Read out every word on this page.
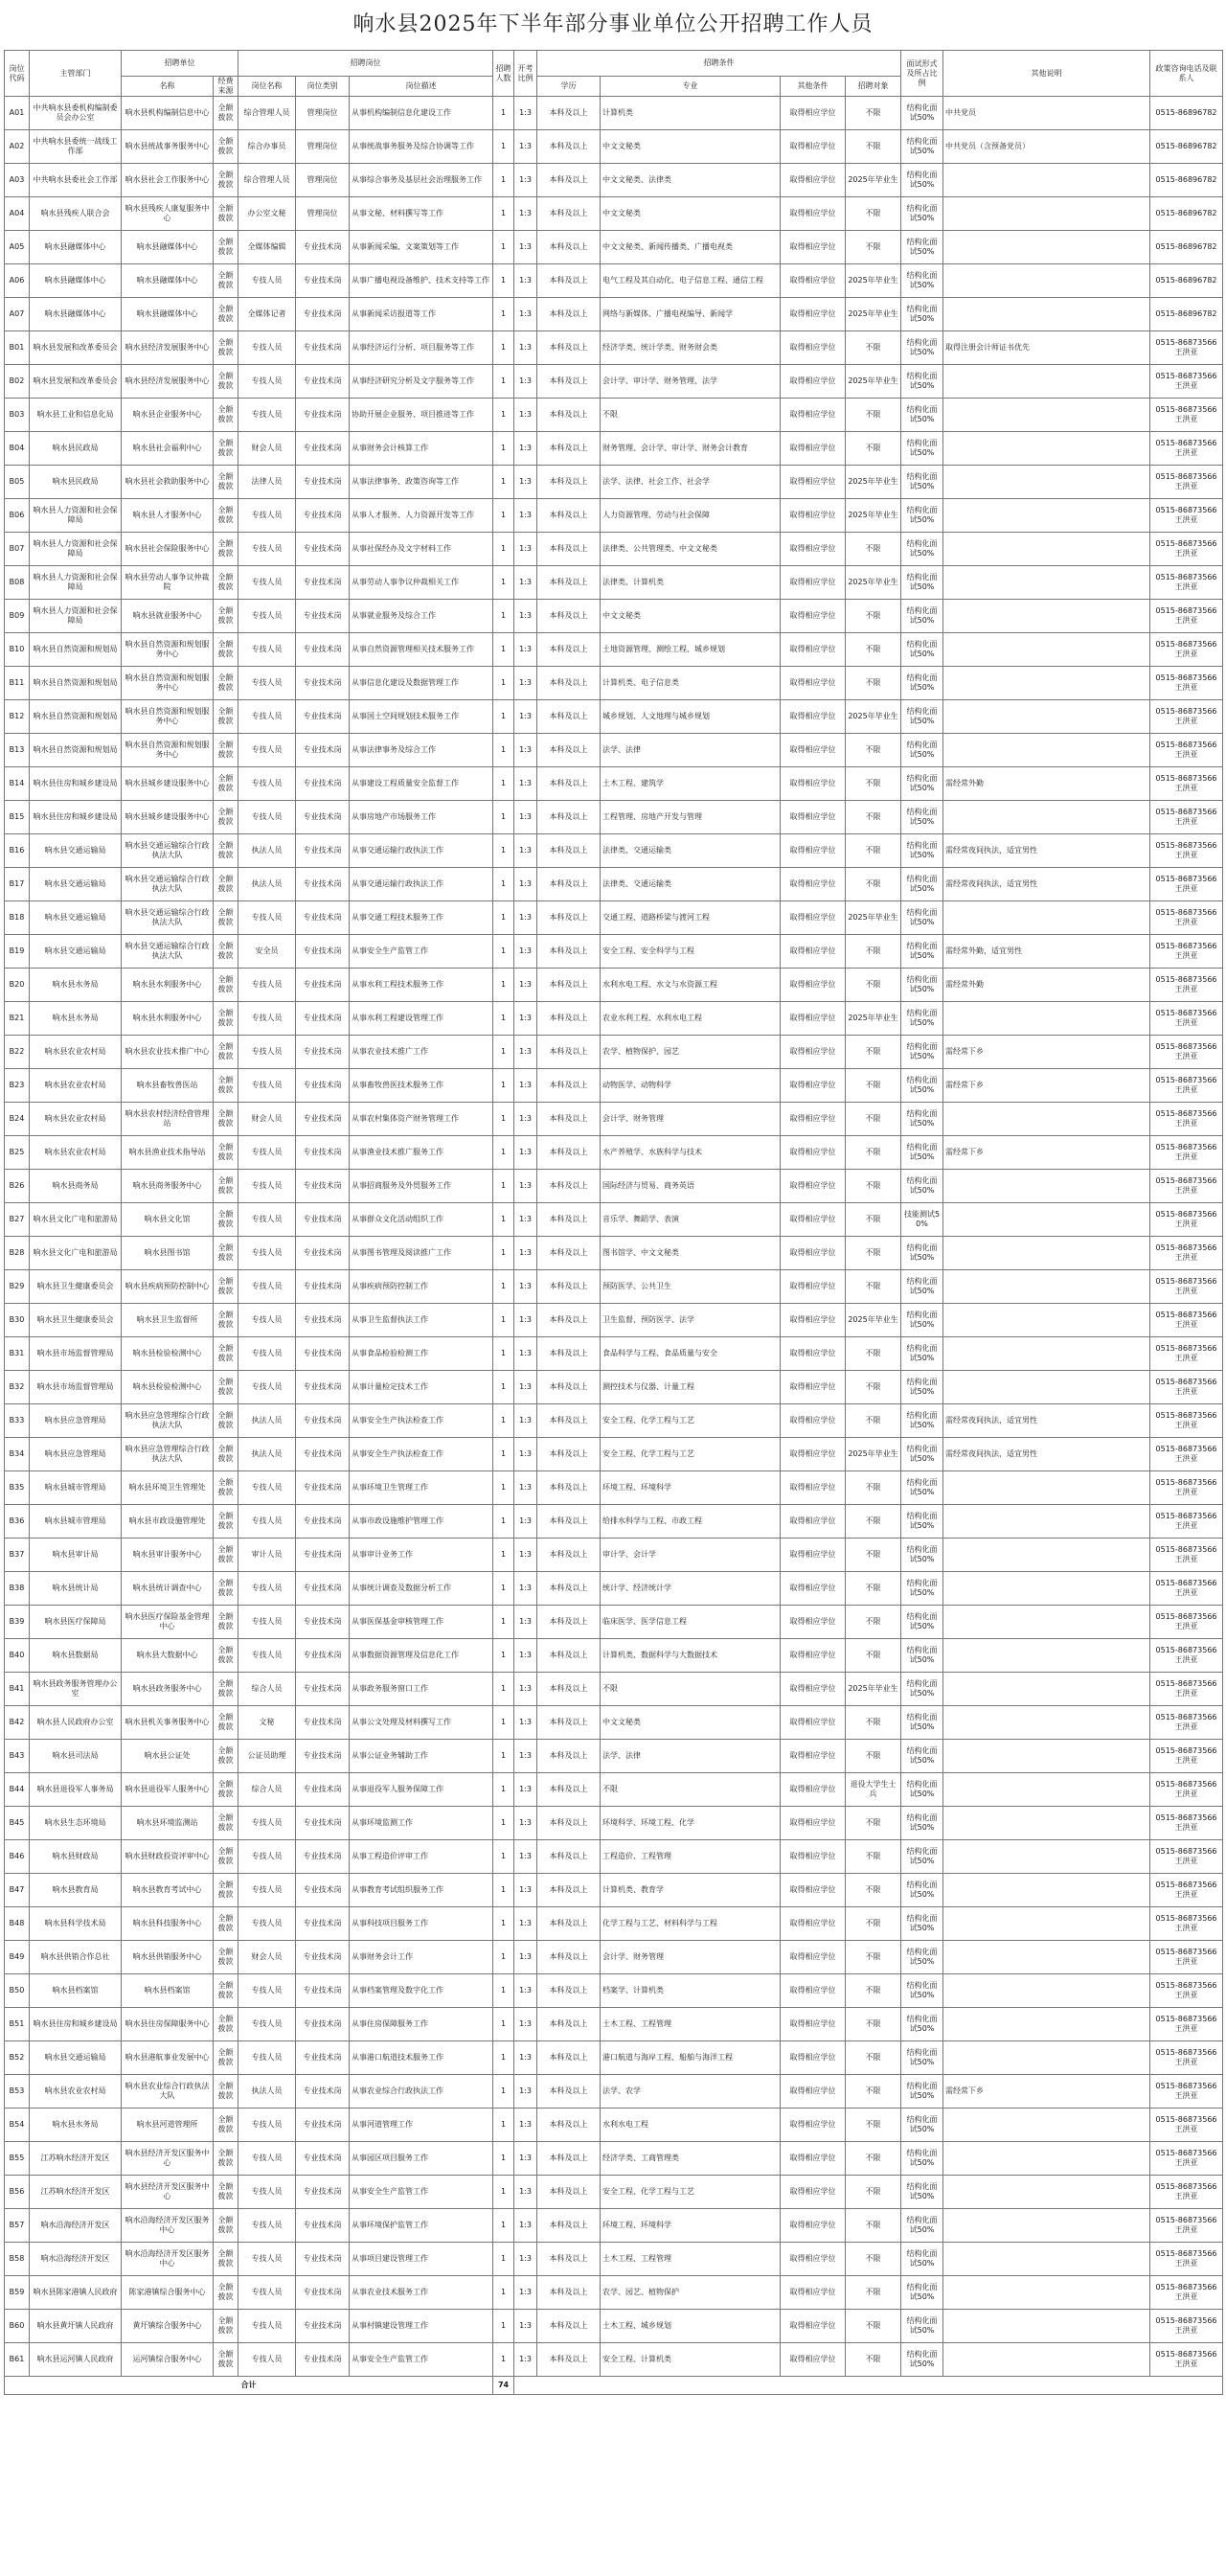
响水县2025年下半年部分事业单位公开招聘工作人员
岗位代码	主管部门	招聘单位		招聘岗位			招聘人数	开考比例	招聘条件				面试形式及所占比例	其他说明	政策咨询电话及联系人
		名称	经费来源	岗位名称	岗位类别	岗位描述			学历	专业	其他条件	招聘对象			
A01	中共响水县委机构编制委员会办公室	响水县机构编制信息中心	全额拨款	综合管理人员	管理岗位	从事机构编制信息化建设工作	1	1:3	本科及以上	计算机类	取得相应学位	不限	结构化面试50%	中共党员	0515-86896782
A02	中共响水县委统一战线工作部	响水县统战事务服务中心	全额拨款	综合办事员	管理岗位	从事统战事务服务及综合协调等工作	1	1:3	本科及以上	中文文秘类	取得相应学位	不限	结构化面试50%	中共党员（含预备党员）	0515-86896782
A03	中共响水县委社会工作部	响水县社会工作服务中心	全额拨款	综合管理人员	管理岗位	从事综合事务及基层社会治理服务工作	1	1:3	本科及以上	中文文秘类、法律类	取得相应学位	2025年毕业生	结构化面试50%		0515-86896782
A04	响水县残疾人联合会	响水县残疾人康复服务中心	全额拨款	办公室文秘	管理岗位	从事文秘、材料撰写等工作	1	1:3	本科及以上	中文文秘类	取得相应学位	不限	结构化面试50%		0515-86896782
A05	响水县融媒体中心	响水县融媒体中心	全额拨款	全媒体编辑	专业技术岗	从事新闻采编、文案策划等工作	1	1:3	本科及以上	中文文秘类、新闻传播类、广播电视类	取得相应学位	不限	结构化面试50%		0515-86896782
A06	响水县融媒体中心	响水县融媒体中心	全额拨款	专技人员	专业技术岗	从事广播电视设备维护、技术支持等工作	1	1:3	本科及以上	电气工程及其自动化、电子信息工程、通信工程	取得相应学位	2025年毕业生	结构化面试50%		0515-86896782
A07	响水县融媒体中心	响水县融媒体中心	全额拨款	全媒体记者	专业技术岗	从事新闻采访报道等工作	1	1:3	本科及以上	网络与新媒体、广播电视编导、新闻学	取得相应学位	2025年毕业生	结构化面试50%		0515-86896782
B01	响水县发展和改革委员会	响水县经济发展服务中心	全额拨款	专技人员	专业技术岗	从事经济运行分析、项目服务等工作	1	1:3	本科及以上	经济学类、统计学类、财务财会类	取得相应学位	不限	结构化面试50%	取得注册会计师证书优先	0515-86873566 王洪亚
B02	响水县发展和改革委员会	响水县经济发展服务中心	全额拨款	专技人员	专业技术岗	从事经济研究分析及文字服务等工作	1	1:3	本科及以上	会计学、审计学、财务管理、法学	取得相应学位	2025年毕业生	结构化面试50%		0515-86873566 王洪亚
B03	响水县工业和信息化局	响水县企业服务中心	全额拨款	专技人员	专业技术岗	协助开展企业服务、项目推进等工作	1	1:3	本科及以上	不限	取得相应学位	不限	结构化面试50%		0515-86873566 王洪亚
B04	响水县民政局	响水县社会福利中心	全额拨款	财会人员	专业技术岗	从事财务会计核算工作	1	1:3	本科及以上	财务管理、会计学、审计学、财务会计教育	取得相应学位	不限	结构化面试50%		0515-86873566 王洪亚
B05	响水县民政局	响水县社会救助服务中心	全额拨款	法律人员	专业技术岗	从事法律事务、政策咨询等工作	1	1:3	本科及以上	法学、法律、社会工作、社会学	取得相应学位	2025年毕业生	结构化面试50%		0515-86873566 王洪亚
B06	响水县人力资源和社会保障局	响水县人才服务中心	全额拨款	专技人员	专业技术岗	从事人才服务、人力资源开发等工作	1	1:3	本科及以上	人力资源管理、劳动与社会保障	取得相应学位	2025年毕业生	结构化面试50%		0515-86873566 王洪亚
B07	响水县人力资源和社会保障局	响水县社会保险服务中心	全额拨款	专技人员	专业技术岗	从事社保经办及文字材料工作	1	1:3	本科及以上	法律类、公共管理类、中文文秘类	取得相应学位	不限	结构化面试50%		0515-86873566 王洪亚
B08	响水县人力资源和社会保障局	响水县劳动人事争议仲裁院	全额拨款	专技人员	专业技术岗	从事劳动人事争议仲裁相关工作	1	1:3	本科及以上	法律类、计算机类	取得相应学位	2025年毕业生	结构化面试50%		0515-86873566 王洪亚
B09	响水县人力资源和社会保障局	响水县就业服务中心	全额拨款	专技人员	专业技术岗	从事就业服务及综合工作	1	1:3	本科及以上	中文文秘类	取得相应学位	不限	结构化面试50%		0515-86873566 王洪亚
B10	响水县自然资源和规划局	响水县自然资源和规划服务中心	全额拨款	专技人员	专业技术岗	从事自然资源管理相关技术服务工作	1	1:3	本科及以上	土地资源管理、测绘工程、城乡规划	取得相应学位	不限	结构化面试50%		0515-86873566 王洪亚
B11	响水县自然资源和规划局	响水县自然资源和规划服务中心	全额拨款	专技人员	专业技术岗	从事信息化建设及数据管理工作	1	1:3	本科及以上	计算机类、电子信息类	取得相应学位	不限	结构化面试50%		0515-86873566 王洪亚
B12	响水县自然资源和规划局	响水县自然资源和规划服务中心	全额拨款	专技人员	专业技术岗	从事国土空间规划技术服务工作	1	1:3	本科及以上	城乡规划、人文地理与城乡规划	取得相应学位	2025年毕业生	结构化面试50%		0515-86873566 王洪亚
B13	响水县自然资源和规划局	响水县自然资源和规划服务中心	全额拨款	专技人员	专业技术岗	从事法律事务及综合工作	1	1:3	本科及以上	法学、法律	取得相应学位	不限	结构化面试50%		0515-86873566 王洪亚
B14	响水县住房和城乡建设局	响水县城乡建设服务中心	全额拨款	专技人员	专业技术岗	从事建设工程质量安全监督工作	1	1:3	本科及以上	土木工程、建筑学	取得相应学位	不限	结构化面试50%	需经常外勤	0515-86873566 王洪亚
B15	响水县住房和城乡建设局	响水县城乡建设服务中心	全额拨款	专技人员	专业技术岗	从事房地产市场服务工作	1	1:3	本科及以上	工程管理、房地产开发与管理	取得相应学位	不限	结构化面试50%		0515-86873566 王洪亚
B16	响水县交通运输局	响水县交通运输综合行政执法大队	全额拨款	执法人员	专业技术岗	从事交通运输行政执法工作	1	1:3	本科及以上	法律类、交通运输类	取得相应学位	不限	结构化面试50%	需经常夜间执法，适宜男性	0515-86873566 王洪亚
B17	响水县交通运输局	响水县交通运输综合行政执法大队	全额拨款	执法人员	专业技术岗	从事交通运输行政执法工作	1	1:3	本科及以上	法律类、交通运输类	取得相应学位	不限	结构化面试50%	需经常夜间执法，适宜男性	0515-86873566 王洪亚
B18	响水县交通运输局	响水县交通运输综合行政执法大队	全额拨款	专技人员	专业技术岗	从事交通工程技术服务工作	1	1:3	本科及以上	交通工程、道路桥梁与渡河工程	取得相应学位	2025年毕业生	结构化面试50%		0515-86873566 王洪亚
B19	响水县交通运输局	响水县交通运输综合行政执法大队	全额拨款	安全员	专业技术岗	从事安全生产监管工作	1	1:3	本科及以上	安全工程、安全科学与工程	取得相应学位	不限	结构化面试50%	需经常外勤，适宜男性	0515-86873566 王洪亚
B20	响水县水务局	响水县水利服务中心	全额拨款	专技人员	专业技术岗	从事水利工程技术服务工作	1	1:3	本科及以上	水利水电工程、水文与水资源工程	取得相应学位	不限	结构化面试50%	需经常外勤	0515-86873566 王洪亚
B21	响水县水务局	响水县水利服务中心	全额拨款	专技人员	专业技术岗	从事水利工程建设管理工作	1	1:3	本科及以上	农业水利工程、水利水电工程	取得相应学位	2025年毕业生	结构化面试50%		0515-86873566 王洪亚
B22	响水县农业农村局	响水县农业技术推广中心	全额拨款	专技人员	专业技术岗	从事农业技术推广工作	1	1:3	本科及以上	农学、植物保护、园艺	取得相应学位	不限	结构化面试50%	需经常下乡	0515-86873566 王洪亚
B23	响水县农业农村局	响水县畜牧兽医站	全额拨款	专技人员	专业技术岗	从事畜牧兽医技术服务工作	1	1:3	本科及以上	动物医学、动物科学	取得相应学位	不限	结构化面试50%	需经常下乡	0515-86873566 王洪亚
B24	响水县农业农村局	响水县农村经济经营管理站	全额拨款	财会人员	专业技术岗	从事农村集体资产财务管理工作	1	1:3	本科及以上	会计学、财务管理	取得相应学位	不限	结构化面试50%		0515-86873566 王洪亚
B25	响水县农业农村局	响水县渔业技术指导站	全额拨款	专技人员	专业技术岗	从事渔业技术推广服务工作	1	1:3	本科及以上	水产养殖学、水族科学与技术	取得相应学位	不限	结构化面试50%	需经常下乡	0515-86873566 王洪亚
B26	响水县商务局	响水县商务服务中心	全额拨款	专技人员	专业技术岗	从事招商服务及外贸服务工作	1	1:3	本科及以上	国际经济与贸易、商务英语	取得相应学位	不限	结构化面试50%		0515-86873566 王洪亚
B27	响水县文化广电和旅游局	响水县文化馆	全额拨款	专技人员	专业技术岗	从事群众文化活动组织工作	1	1:3	本科及以上	音乐学、舞蹈学、表演	取得相应学位	不限	技能测试50%		0515-86873566 王洪亚
B28	响水县文化广电和旅游局	响水县图书馆	全额拨款	专技人员	专业技术岗	从事图书管理及阅读推广工作	1	1:3	本科及以上	图书馆学、中文文秘类	取得相应学位	不限	结构化面试50%		0515-86873566 王洪亚
B29	响水县卫生健康委员会	响水县疾病预防控制中心	全额拨款	专技人员	专业技术岗	从事疾病预防控制工作	1	1:3	本科及以上	预防医学、公共卫生	取得相应学位	不限	结构化面试50%		0515-86873566 王洪亚
B30	响水县卫生健康委员会	响水县卫生监督所	全额拨款	专技人员	专业技术岗	从事卫生监督执法工作	1	1:3	本科及以上	卫生监督、预防医学、法学	取得相应学位	2025年毕业生	结构化面试50%		0515-86873566 王洪亚
B31	响水县市场监督管理局	响水县检验检测中心	全额拨款	专技人员	专业技术岗	从事食品检验检测工作	1	1:3	本科及以上	食品科学与工程、食品质量与安全	取得相应学位	不限	结构化面试50%		0515-86873566 王洪亚
B32	响水县市场监督管理局	响水县检验检测中心	全额拨款	专技人员	专业技术岗	从事计量检定技术工作	1	1:3	本科及以上	测控技术与仪器、计量工程	取得相应学位	不限	结构化面试50%		0515-86873566 王洪亚
B33	响水县应急管理局	响水县应急管理综合行政执法大队	全额拨款	执法人员	专业技术岗	从事安全生产执法检查工作	1	1:3	本科及以上	安全工程、化学工程与工艺	取得相应学位	不限	结构化面试50%	需经常夜间执法，适宜男性	0515-86873566 王洪亚
B34	响水县应急管理局	响水县应急管理综合行政执法大队	全额拨款	执法人员	专业技术岗	从事安全生产执法检查工作	1	1:3	本科及以上	安全工程、化学工程与工艺	取得相应学位	2025年毕业生	结构化面试50%	需经常夜间执法，适宜男性	0515-86873566 王洪亚
B35	响水县城市管理局	响水县环境卫生管理处	全额拨款	专技人员	专业技术岗	从事环境卫生管理工作	1	1:3	本科及以上	环境工程、环境科学	取得相应学位	不限	结构化面试50%		0515-86873566 王洪亚
B36	响水县城市管理局	响水县市政设施管理处	全额拨款	专技人员	专业技术岗	从事市政设施维护管理工作	1	1:3	本科及以上	给排水科学与工程、市政工程	取得相应学位	不限	结构化面试50%		0515-86873566 王洪亚
B37	响水县审计局	响水县审计服务中心	全额拨款	审计人员	专业技术岗	从事审计业务工作	1	1:3	本科及以上	审计学、会计学	取得相应学位	不限	结构化面试50%		0515-86873566 王洪亚
B38	响水县统计局	响水县统计调查中心	全额拨款	专技人员	专业技术岗	从事统计调查及数据分析工作	1	1:3	本科及以上	统计学、经济统计学	取得相应学位	不限	结构化面试50%		0515-86873566 王洪亚
B39	响水县医疗保障局	响水县医疗保险基金管理中心	全额拨款	专技人员	专业技术岗	从事医保基金审核管理工作	1	1:3	本科及以上	临床医学、医学信息工程	取得相应学位	不限	结构化面试50%		0515-86873566 王洪亚
B40	响水县数据局	响水县大数据中心	全额拨款	专技人员	专业技术岗	从事数据资源管理及信息化工作	1	1:3	本科及以上	计算机类、数据科学与大数据技术	取得相应学位	不限	结构化面试50%		0515-86873566 王洪亚
B41	响水县政务服务管理办公室	响水县政务服务中心	全额拨款	综合人员	专业技术岗	从事政务服务窗口工作	1	1:3	本科及以上	不限	取得相应学位	2025年毕业生	结构化面试50%		0515-86873566 王洪亚
B42	响水县人民政府办公室	响水县机关事务服务中心	全额拨款	文秘	专业技术岗	从事公文处理及材料撰写工作	1	1:3	本科及以上	中文文秘类	取得相应学位	不限	结构化面试50%		0515-86873566 王洪亚
B43	响水县司法局	响水县公证处	全额拨款	公证员助理	专业技术岗	从事公证业务辅助工作	1	1:3	本科及以上	法学、法律	取得相应学位	不限	结构化面试50%		0515-86873566 王洪亚
B44	响水县退役军人事务局	响水县退役军人服务中心	全额拨款	综合人员	专业技术岗	从事退役军人服务保障工作	1	1:3	本科及以上	不限	取得相应学位	退役大学生士兵	结构化面试50%		0515-86873566 王洪亚
B45	响水县生态环境局	响水县环境监测站	全额拨款	专技人员	专业技术岗	从事环境监测工作	1	1:3	本科及以上	环境科学、环境工程、化学	取得相应学位	不限	结构化面试50%		0515-86873566 王洪亚
B46	响水县财政局	响水县财政投资评审中心	全额拨款	专技人员	专业技术岗	从事工程造价评审工作	1	1:3	本科及以上	工程造价、工程管理	取得相应学位	不限	结构化面试50%		0515-86873566 王洪亚
B47	响水县教育局	响水县教育考试中心	全额拨款	专技人员	专业技术岗	从事教育考试组织服务工作	1	1:3	本科及以上	计算机类、教育学	取得相应学位	不限	结构化面试50%		0515-86873566 王洪亚
B48	响水县科学技术局	响水县科技服务中心	全额拨款	专技人员	专业技术岗	从事科技项目服务工作	1	1:3	本科及以上	化学工程与工艺、材料科学与工程	取得相应学位	不限	结构化面试50%		0515-86873566 王洪亚
B49	响水县供销合作总社	响水县供销服务中心	全额拨款	财会人员	专业技术岗	从事财务会计工作	1	1:3	本科及以上	会计学、财务管理	取得相应学位	不限	结构化面试50%		0515-86873566 王洪亚
B50	响水县档案馆	响水县档案馆	全额拨款	专技人员	专业技术岗	从事档案管理及数字化工作	1	1:3	本科及以上	档案学、计算机类	取得相应学位	不限	结构化面试50%		0515-86873566 王洪亚
B51	响水县住房和城乡建设局	响水县住房保障服务中心	全额拨款	专技人员	专业技术岗	从事住房保障服务工作	1	1:3	本科及以上	土木工程、工程管理	取得相应学位	不限	结构化面试50%		0515-86873566 王洪亚
B52	响水县交通运输局	响水县港航事业发展中心	全额拨款	专技人员	专业技术岗	从事港口航道技术服务工作	1	1:3	本科及以上	港口航道与海岸工程、船舶与海洋工程	取得相应学位	不限	结构化面试50%		0515-86873566 王洪亚
B53	响水县农业农村局	响水县农业综合行政执法大队	全额拨款	执法人员	专业技术岗	从事农业综合行政执法工作	1	1:3	本科及以上	法学、农学	取得相应学位	不限	结构化面试50%	需经常下乡	0515-86873566 王洪亚
B54	响水县水务局	响水县河道管理所	全额拨款	专技人员	专业技术岗	从事河道管理工作	1	1:3	本科及以上	水利水电工程	取得相应学位	不限	结构化面试50%		0515-86873566 王洪亚
B55	江苏响水经济开发区	响水县经济开发区服务中心	全额拨款	专技人员	专业技术岗	从事园区项目服务工作	1	1:3	本科及以上	经济学类、工商管理类	取得相应学位	不限	结构化面试50%		0515-86873566 王洪亚
B56	江苏响水经济开发区	响水县经济开发区服务中心	全额拨款	专技人员	专业技术岗	从事安全生产监管工作	1	1:3	本科及以上	安全工程、化学工程与工艺	取得相应学位	不限	结构化面试50%		0515-86873566 王洪亚
B57	响水沿海经济开发区	响水沿海经济开发区服务中心	全额拨款	专技人员	专业技术岗	从事环境保护监管工作	1	1:3	本科及以上	环境工程、环境科学	取得相应学位	不限	结构化面试50%		0515-86873566 王洪亚
B58	响水沿海经济开发区	响水沿海经济开发区服务中心	全额拨款	专技人员	专业技术岗	从事项目建设管理工作	1	1:3	本科及以上	土木工程、工程管理	取得相应学位	不限	结构化面试50%		0515-86873566 王洪亚
B59	响水县陈家港镇人民政府	陈家港镇综合服务中心	全额拨款	专技人员	专业技术岗	从事农业技术服务工作	1	1:3	本科及以上	农学、园艺、植物保护	取得相应学位	不限	结构化面试50%		0515-86873566 王洪亚
B60	响水县黄圩镇人民政府	黄圩镇综合服务中心	全额拨款	专技人员	专业技术岗	从事村镇建设管理工作	1	1:3	本科及以上	土木工程、城乡规划	取得相应学位	不限	结构化面试50%		0515-86873566 王洪亚
B61	响水县运河镇人民政府	运河镇综合服务中心	全额拨款	专技人员	专业技术岗	从事安全生产监管工作	1	1:3	本科及以上	安全工程、计算机类	取得相应学位	不限	结构化面试50%		0515-86873566 王洪亚
合计							74								
